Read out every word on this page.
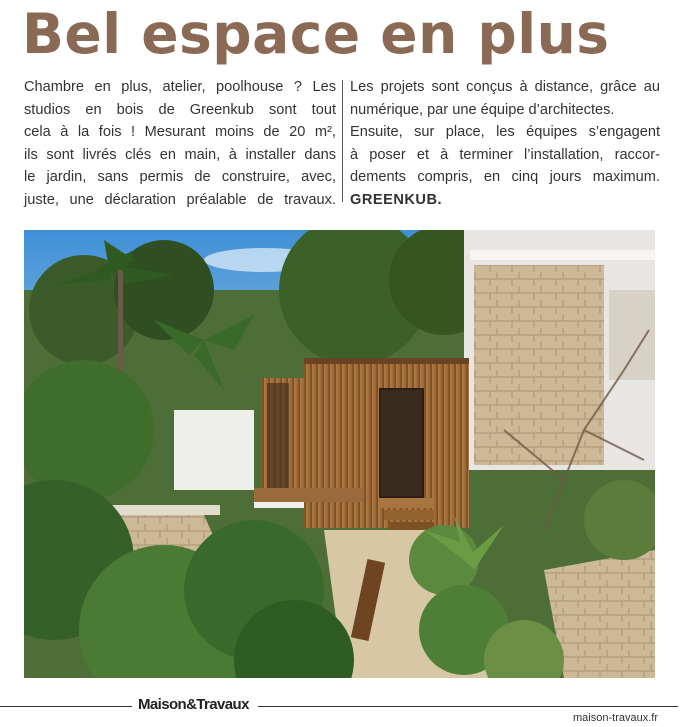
Bel espace en plus

Chambre en plus, atelier, poolhouse ? Les
studios en bois de Greenkub sont tout
cela à la fois ! Mesurant moins de 20 m²,
ils sont livrés clés en main, à installer dans
le jardin, sans permis de construire, avec,
juste, une déclaration préalable de travaux.

Les projets sont conçus à distance, grâce au
numérique, par une équipe d’architectes.
Ensuite, sur place, les équipes s’engagent
à poser et à terminer l’installation, raccor-
dements compris, en cinq jours maximum.
GREENKUB.

Maison&Travaux
maison-travaux.fr
